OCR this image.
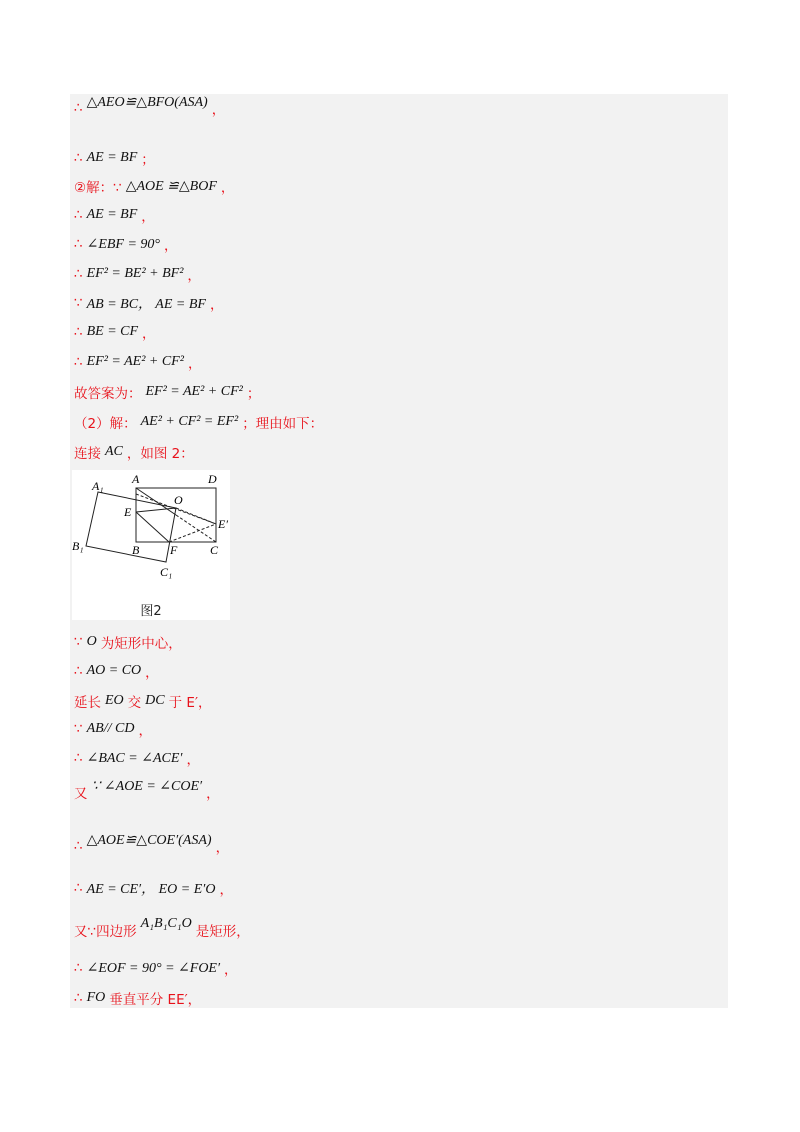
∴ △AEO≌△BFO(ASA) ，
∴ AE = BF ；
②解：∵ △AOE ≌△BOF ，
∴ AE = BF ，
∴ ∠EBF = 90° ，
∴ EF² = BE² + BF² ，
∵ AB = BC， AE = BF ，
∴ BE = CF ，
∴ EF² = AE² + CF² ，
故答案为： EF² = AE² + CF² ；
（2）解： AE² + CF² = EF² ；理由如下：
连接 AC ，如图 2：
A₁ A	D
O
E
E′
B₁	B	F	C
C₁
图2
∵ O 为矩形中心，
∴ AO = CO ，
延长 EO 交 DC 于 E′，
∵ AB// CD ，
∴ ∠BAC = ∠ACE′ ，
又 ∵ ∠AOE = ∠COE′ ，
∴ △AOE≌△COE′(ASA) ，
∴ AE = CE′， EO = E′O ，
又∵四边形
A₁B₁C₁O
是矩形，
∴ ∠EOF = 90° = ∠FOE′ ，
∴ FO 垂直平分 EE′，
